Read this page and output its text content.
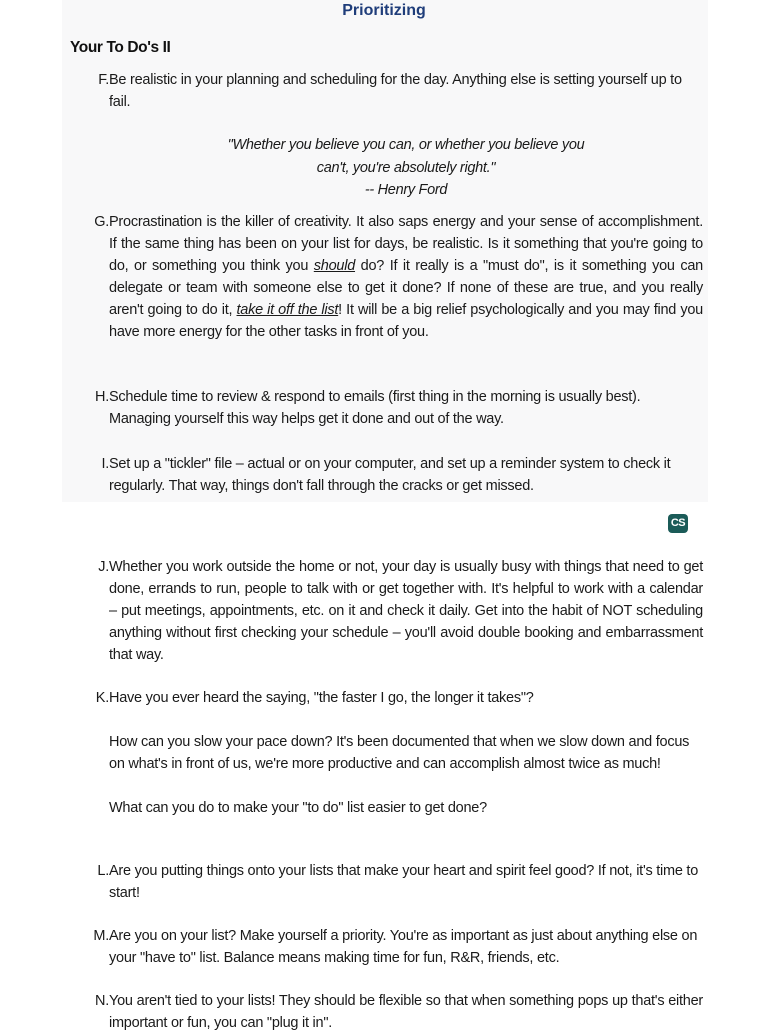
Prioritizing
Your To Do's II
F. Be realistic in your planning and scheduling for the day. Anything else is setting yourself up to fail.
"Whether you believe you can, or whether you believe you
can't, you're absolutely right."
-- Henry Ford
G. Procrastination is the killer of creativity. It also saps energy and your sense of accomplishment. If the same thing has been on your list for days, be realistic. Is it something that you're going to do, or something you think you should do? If it really is a "must do", is it something you can delegate or team with someone else to get it done? If none of these are true, and you really aren't going to do it, take it off the list! It will be a big relief psychologically and you may find you have more energy for the other tasks in front of you.
H. Schedule time to review & respond to emails (first thing in the morning is usually best). Managing yourself this way helps get it done and out of the way.
I. Set up a "tickler" file – actual or on your computer, and set up a reminder system to check it regularly. That way, things don't fall through the cracks or get missed.
CS
J. Whether you work outside the home or not, your day is usually busy with things that need to get done, errands to run, people to talk with or get together with. It's helpful to work with a calendar – put meetings, appointments, etc. on it and check it daily. Get into the habit of NOT scheduling anything without first checking your schedule – you'll avoid double booking and embarrassment that way.
K. Have you ever heard the saying, "the faster I go, the longer it takes"?

How can you slow your pace down? It's been documented that when we slow down and focus on what's in front of us, we're more productive and can accomplish almost twice as much!

What can you do to make your "to do" list easier to get done?

L. Are you putting things onto your lists that make your heart and spirit feel good? If not, it's time to start!
M. Are you on your list? Make yourself a priority. You're as important as just about anything else on your "have to" list. Balance means making time for fun, R&R, friends, etc.
N. You aren't tied to your lists! They should be flexible so that when something pops up that's either important or fun, you can "plug it in".
